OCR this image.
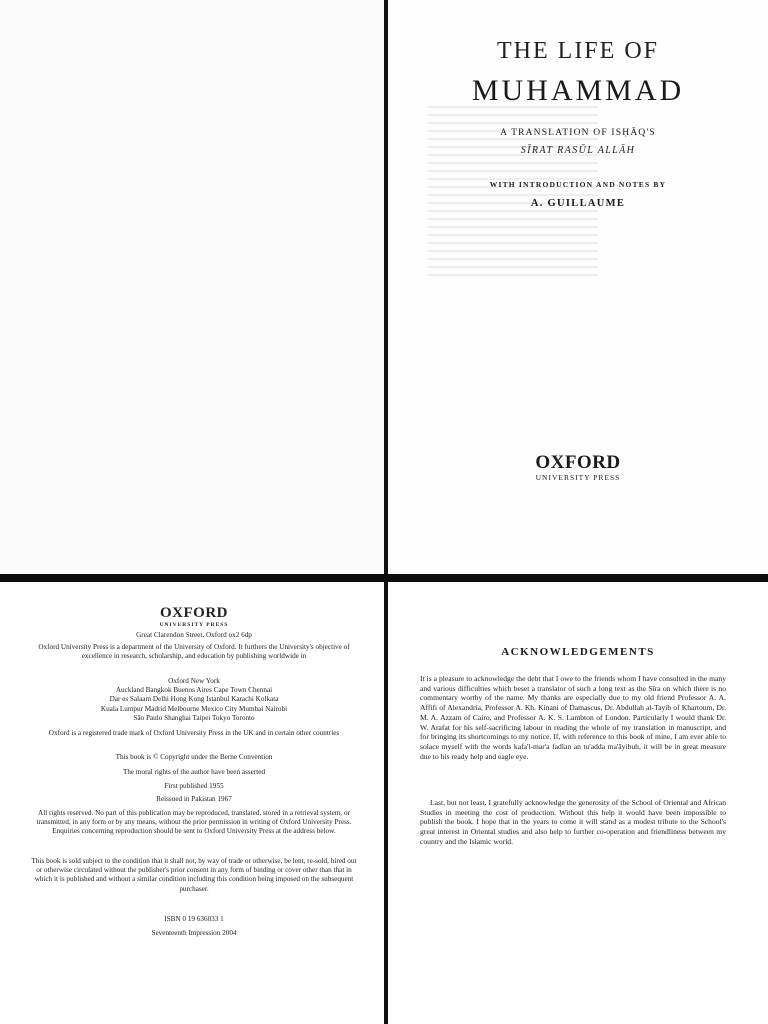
THE LIFE OF
MUHAMMAD
A TRANSLATION OF ISḤĀQ'S
SĪRAT RASŪL ALLĀH
WITH INTRODUCTION AND NOTES BY
A. GUILLAUME
OXFORD
UNIVERSITY PRESS
OXFORD
UNIVERSITY PRESS
Great Clarendon Street, Oxford ox2 6dp
Oxford University Press is a department of the University of Oxford. It furthers the University's objective of excellence in research, scholarship, and education by publishing worldwide in
Oxford New York
Auckland Bangkok Buenos Aires Cape Town Chennai
Dar es Salaam Delhi Hong Kong Istanbul Karachi Kolkata
Kuala Lumpur Madrid Melbourne Mexico City Mumbai Nairobi
São Paulo Shanghai Taipei Tokyo Toronto
Oxford is a registered trade mark of Oxford University Press in the UK and in certain other countries
This book is © Copyright under the Berne Convention
The moral rights of the author have been asserted
First published 1955
Reissued in Pakistan 1967
All rights reserved. No part of this publication may be reproduced, translated, stored in a retrieval system, or transmitted, in any form or by any means, without the prior permission in writing of Oxford University Press. Enquiries concerning reproduction should be sent to Oxford University Press at the address below.
This book is sold subject to the condition that it shall not, by way of trade or otherwise, be lent, re-sold, hired out or otherwise circulated without the publisher's prior consent in any form of binding or cover other than that in which it is published and without a similar condition including this condition being imposed on the subsequent purchaser.
ISBN 0 19 636033 1
Seventeenth Impression 2004
ACKNOWLEDGEMENTS
It is a pleasure to acknowledge the debt that I owe to the friends whom I have consulted in the many and various difficulties which beset a translator of such a long text as the Sīra on which there is no commentary worthy of the name. My thanks are especially due to my old friend Professor A. A. Affifi of Alexandria, Professor A. Kh. Kinani of Damascus, Dr. Abdullah al-Tayib of Khartoum, Dr. M. A. Azzam of Cairo, and Professor A. K. S. Lambton of London. Particularly I would thank Dr. W. Arafat for his self-sacrificing labour in reading the whole of my translation in manuscript, and for bringing its shortcomings to my notice. If, with reference to this book of mine, I am ever able to solace myself with the words kafa'l-mar'a fadlan an tu'adda ma'āyibuh, it will be in great measure due to his ready help and eagle eye.
Last, but not least, I gratefully acknowledge the generosity of the School of Oriental and African Studies in meeting the cost of production. Without this help it would have been impossible to publish the book. I hope that in the years to come it will stand as a modest tribute to the School's great interest in Oriental studies and also help to further co-operation and friendliness between my country and the Islamic world.
